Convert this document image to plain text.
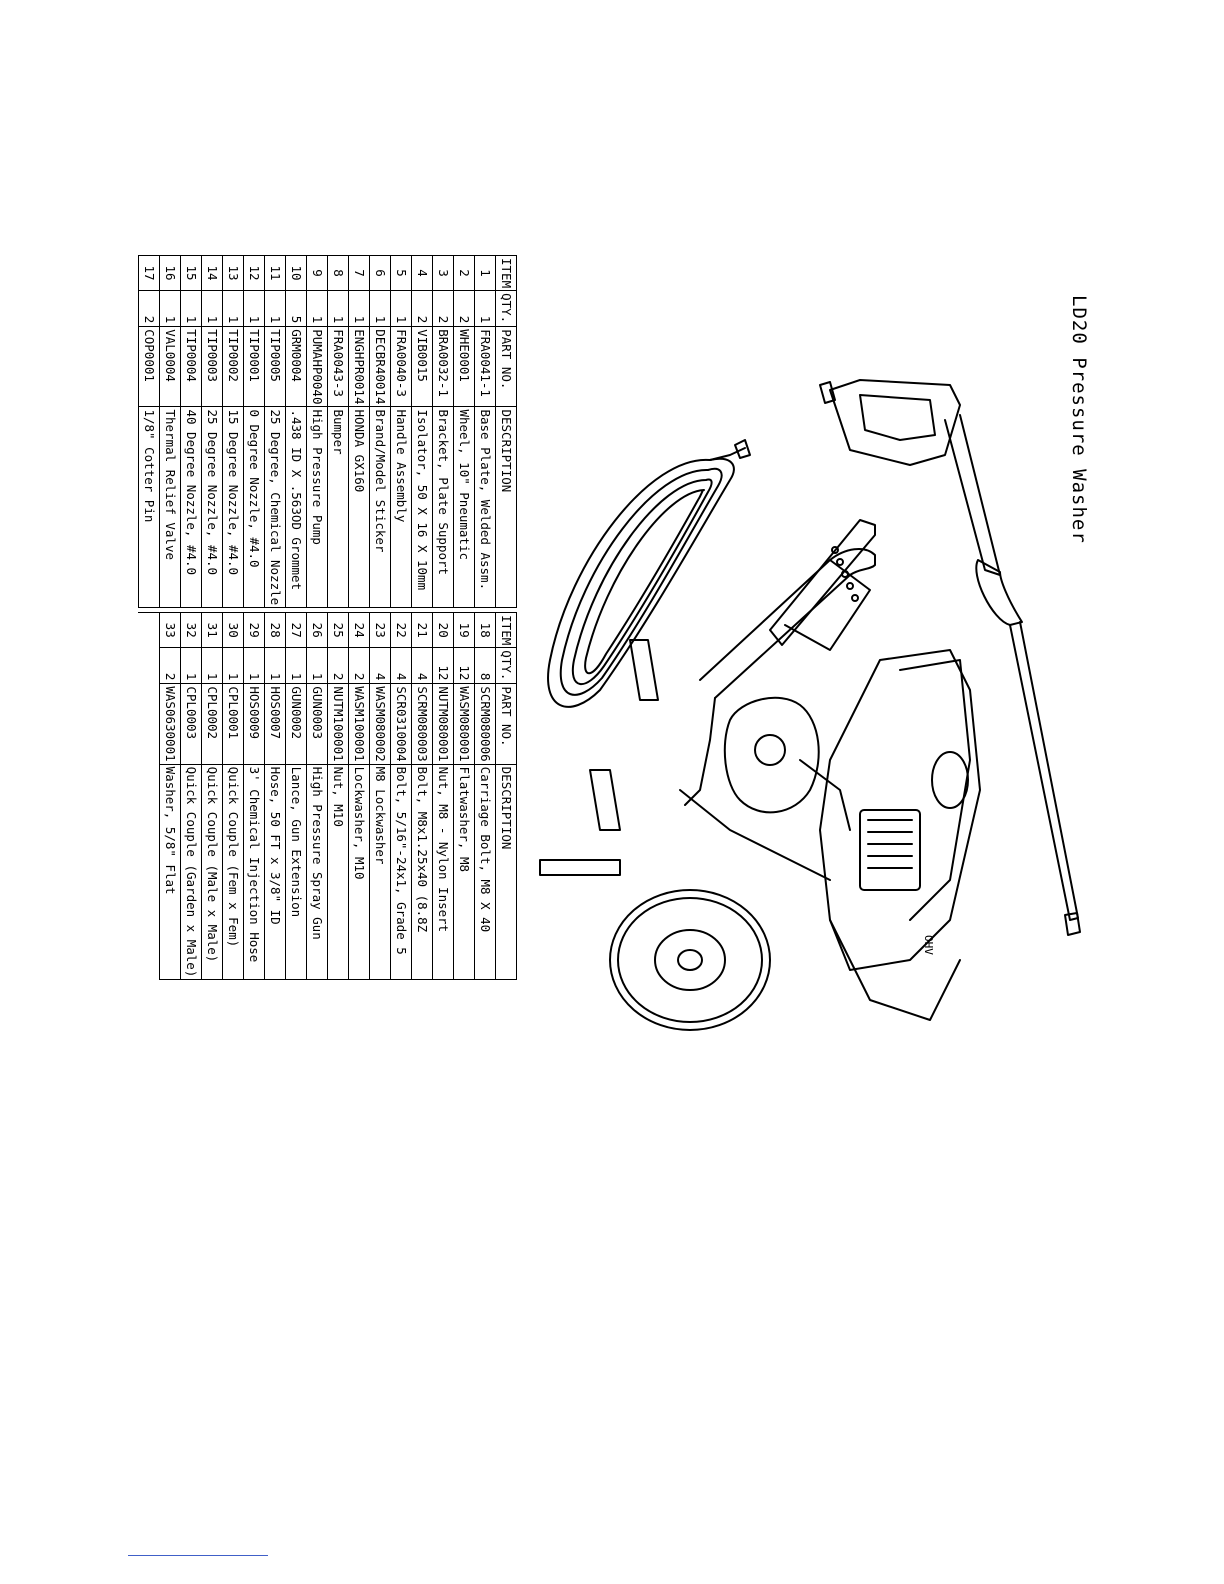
LD20 Pressure Washer
ITEM	QTY.	PART NO.	DESCRIPTION		ITEM	QTY.	PART NO.	DESCRIPTION
1	1	FRA0041-1	Base Plate, Welded Assm.		18	8	SCRM080006	Carriage Bolt, M8 X 40
2	2	WHE0001	Wheel, 10" Pneumatic		19	12	WASM080001	Flatwasher, M8
3	2	BRA0032-1	Bracket, Plate Support		20	12	NUTM080001	Nut, M8 - Nylon Insert
4	2	VIB0015	Isolator, 50 X 16 X 10mm		21	4	SCRM080003	Bolt, M8x1.25x40 (8.8Z
5	1	FRA0040-3	Handle Assembly		22	4	SCR0310004	Bolt, 5/16"-24x1, Grade 5
6	1	DECBR40014	Brand/Model Sticker		23	4	WASM080002	M8 Lockwasher
7	1	ENGHPR0014	HONDA GX160		24	2	WASM100001	Lockwasher, M10
8	1	FRA0043-3	Bumper		25	2	NUTM100001	Nut, M10
9	1	PUMAHP0040	High Pressure Pump		26	1	GUN0003	High Pressure Spray Gun
10	5	GRM0004	.438 ID X .563OD Grommet		27	1	GUN0002	Lance, Gun Extension
11	1	TIP0005	25 Degree, Chemical Nozzle		28	1	HOS0007	Hose, 50 FT x 3/8" ID
12	1	TIP0001	0 Degree Nozzle, #4.0		29	1	HOS0009	3' Chemical Injection Hose
13	1	TIP0002	15 Degree Nozzle, #4.0		30	1	CPL0001	Quick Couple (Fem x Fem)
14	1	TIP0003	25 Degree Nozzle, #4.0		31	1	CPL0002	Quick Couple (Male x Male)
15	1	TIP0004	40 Degree Nozzle, #4.0		32	1	CPL0003	Quick Couple (Garden x Male)
16	1	VAL0004	Thermal Relief Valve		33	2	WAS0630001	Washer, 5/8" Flat
17	2	COP0001	1/8" Cotter Pin					
OHV
